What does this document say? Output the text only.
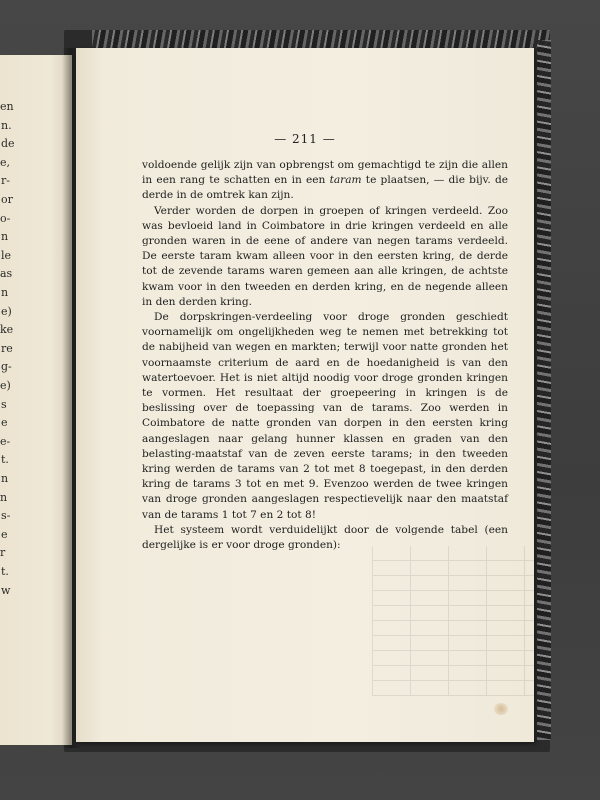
en
n.
de
e,
r-
or
o-
n
le
as
n
e)
ke
re
g-
e)
s
e
e-
t.
n
n
s-
e
r
t.
w
— 211 —

voldoende gelijk zijn van opbrengst om gemachtigd te zijn die allen in een rang te schatten en in een taram te plaatsen, — die bijv. de derde in de omtrek kan zijn.

Verder worden de dorpen in groepen of kringen verdeeld. Zoo was bevloeid land in Coimbatore in drie kringen verdeeld en alle gronden waren in de eene of andere van negen tarams verdeeld. De eerste taram kwam alleen voor in den eersten kring, de derde tot de zevende tarams waren gemeen aan alle kringen, de achtste kwam voor in den tweeden en derden kring, en de negende alleen in den derden kring.

De dorpskringen-verdeeling voor droge gronden geschiedt voornamelijk om ongelijkheden weg te nemen met betrekking tot de nabijheid van wegen en markten; terwijl voor natte gronden het voornaamste criterium de aard en de hoedanigheid is van den watertoevoer. Het is niet altijd noodig voor droge gronden kringen te vormen. Het resultaat der groepeering in kringen is de beslissing over de toepassing van de tarams. Zoo werden in Coimbatore de natte gronden van dorpen in den eersten kring aangeslagen naar gelang hunner klassen en graden van den belasting-maatstaf van de zeven eerste tarams; in den tweeden kring werden de tarams van 2 tot met 8 toegepast, in den derden kring de tarams 3 tot en met 9. Evenzoo werden de twee kringen van droge gronden aangeslagen respectievelijk naar den maatstaf van de tarams 1 tot 7 en 2 tot 8!

Het systeem wordt verduidelijkt door de volgende tabel (een dergelijke is er voor droge gronden):
